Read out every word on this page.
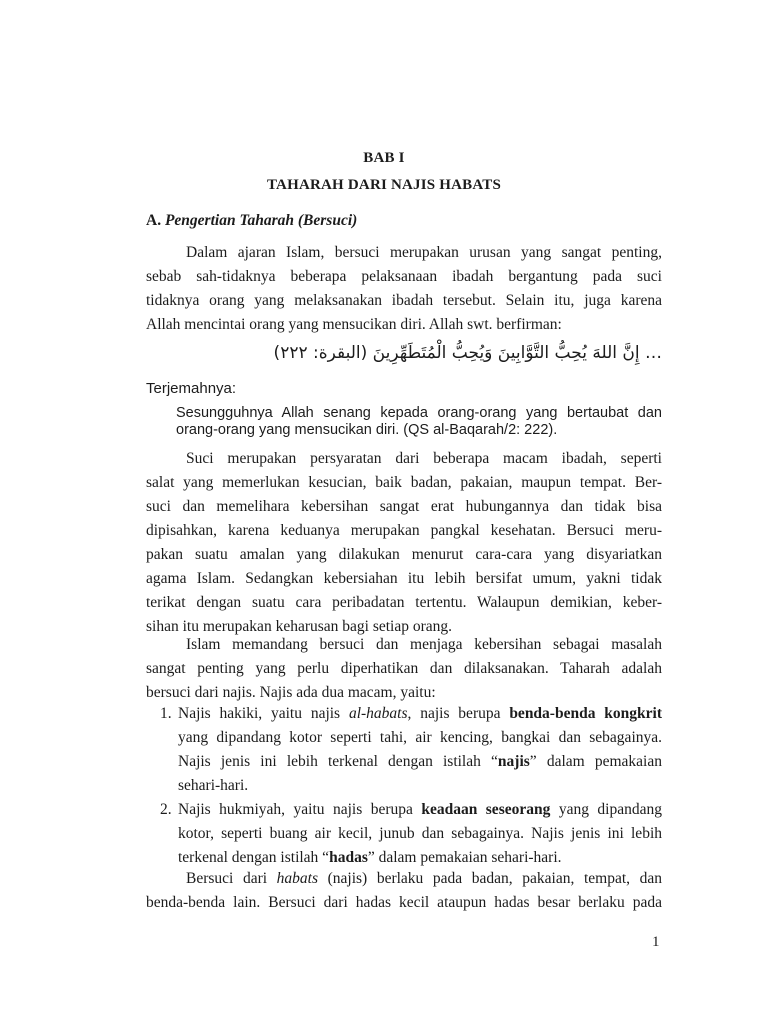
BAB I
TAHARAH DARI NAJIS HABATS
A. Pengertian Taharah (Bersuci)
Dalam ajaran Islam, bersuci merupakan urusan yang sangat penting,
sebab sah-tidaknya beberapa pelaksanaan ibadah bergantung pada suci
tidaknya orang yang melaksanakan ibadah tersebut. Selain itu, juga karena
Allah mencintai orang yang mensucikan diri. Allah swt. berfirman:
… إِنَّ اللهَ يُحِبُّ التَّوَّابِينَ وَيُحِبُّ الْمُتَطَهِّرِينَ (البقرة: ٢٢٢)
Terjemahnya:
Sesungguhnya Allah senang kepada orang-orang yang bertaubat dan
orang-orang yang mensucikan diri. (QS al-Baqarah/2: 222).
Suci merupakan persyaratan dari beberapa macam ibadah, seperti
salat yang memerlukan kesucian, baik badan, pakaian, maupun tempat. Ber-
suci dan memelihara kebersihan sangat erat hubungannya dan tidak bisa
dipisahkan, karena keduanya merupakan pangkal kesehatan. Bersuci meru-
pakan suatu amalan yang dilakukan menurut cara-cara yang disyariatkan
agama Islam. Sedangkan kebersiahan itu lebih bersifat umum, yakni tidak
terikat dengan suatu cara peribadatan tertentu. Walaupun demikian, keber-
sihan itu merupakan keharusan bagi setiap orang.
Islam memandang bersuci dan menjaga kebersihan sebagai masalah
sangat penting yang perlu diperhatikan dan dilaksanakan. Taharah adalah
bersuci dari najis. Najis ada dua macam, yaitu:
1. Najis hakiki, yaitu najis al-habats, najis berupa benda-benda kongkrit
yang dipandang kotor seperti tahi, air kencing, bangkai dan sebagainya.
Najis jenis ini lebih terkenal dengan istilah “najis” dalam pemakaian
sehari-hari.
2. Najis hukmiyah, yaitu najis berupa keadaan seseorang yang dipandang
kotor, seperti buang air kecil, junub dan sebagainya. Najis jenis ini lebih
terkenal dengan istilah “hadas” dalam pemakaian sehari-hari.
Bersuci dari habats (najis) berlaku pada badan, pakaian, tempat, dan
benda-benda lain. Bersuci dari hadas kecil ataupun hadas besar berlaku pada
1
